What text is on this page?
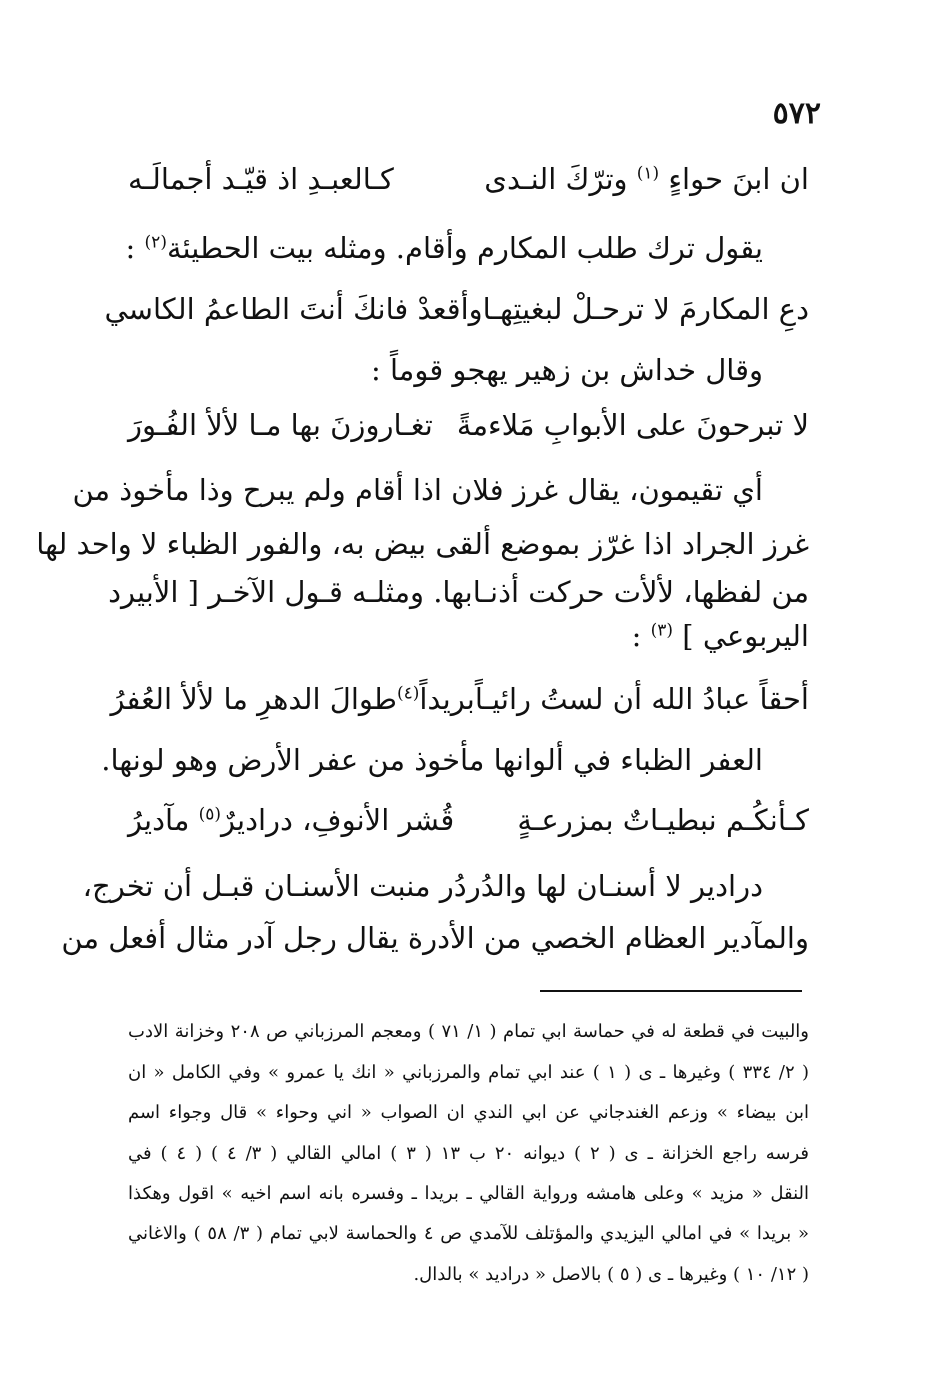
٥٧٢
ان ابنَ حواءٍ $^{(١)}$ وترّكَ النـدى
كـالعبـدِ اذ قيّـد أجمالَـه
يقول ترك طلب المكارم وأقام. ومثله بيت الحطيئة$^{(٢)}$ :
دعِ المكارمَ لا ترحـلْ لبغيتِهـا
وأقعدْ فانكَ أنتَ الطاعمُ الكاسي
وقال خداش بن زهير يهجو قوماً :
لا تبرحونَ على الأبوابِ مَلاءمةً
تغـاروزنَ بها مـا لألأ الفُـورَ
أي تقيمون، يقال غرز فلان اذا أقام ولم يبرح وذا مأخوذ من
غرز الجراد اذا غرّز بموضع ألقى بيض به، والفور الظباء لا واحد لها
من لفظها، لألأت حركت أذنـابها. ومثلـه قـول الآخـر [ الأبيرد
اليربوعي ] $^{(٣)}$ :
أحقاً عبادُ الله أن لستُ رائيـاً
بريداً$^{(٤)}$طوالَ الدهرِ ما لألأ العُفرُ
العفر الظباء في ألوانها مأخوذ من عفر الأرض وهو لونها.
كـأنكُـم نبطيـاتٌ بمزرعـةٍ
قُشر الأنوفِ، دراديرٌ$^{(٥)}$ مآديرُ
درادير لا أسنـان لها والدُردُر منبت الأسنـان قبـل أن تخرج،
والمآدير العظام الخصي من الأدرة يقال رجل آدر مثال أفعل من
والبيت في قطعة له في حماسة ابي تمام ( ١/ ٧١ ) ومعجم المرزباني ص ٢٠٨ وخزانة الادب
( ٢/ ٣٣٤ ) وغيرها ـ ى ( ١ ) عند ابي تمام والمرزباني « انك يا عمرو » وفي الكامل « ان
ابن بيضاء » وزعم الغندجاني عن ابي الندي ان الصواب « اني وحواء » قال وجواء اسم
فرسه راجع الخزانة ـ ى ( ٢ ) ديوانه ٢٠ ب ١٣ ( ٣ ) امالي القالي ( ٣/ ٤ ) ( ٤ ) في
النقل « مزيد » وعلى هامشه ورواية القالي ـ بريدا ـ وفسره بانه اسم اخيه » اقول وهكذا
« بريدا » في امالي اليزيدي والمؤتلف للآمدي ص ٤ والحماسة لابي تمام ( ٣/ ٥٨ ) والاغاني
( ١٢/ ١٠ ) وغيرها ـ ى ( ٥ ) بالاصل « دراديد » بالدال.
